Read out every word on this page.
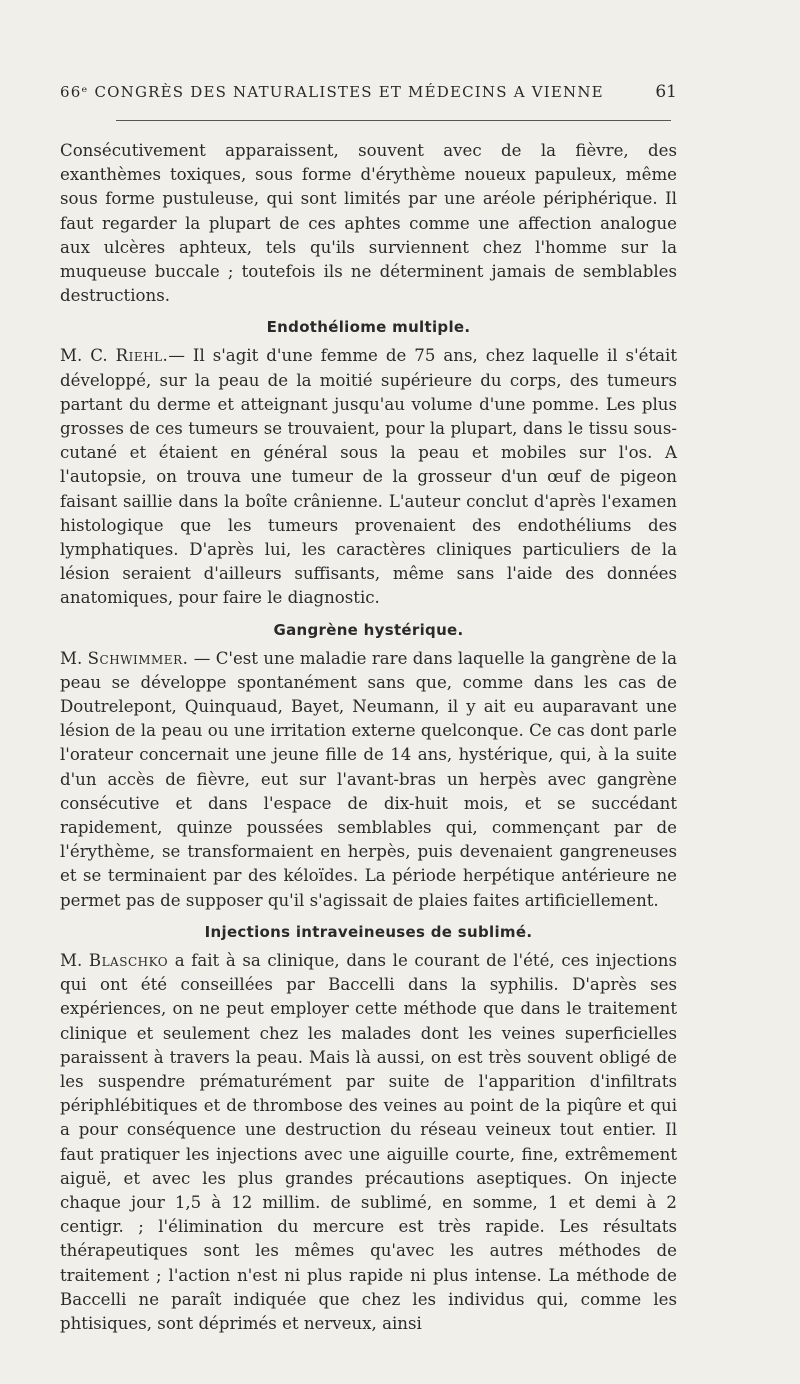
66ᵉ CONGRÈS DES NATURALISTES ET MÉDECINS A VIENNE	61

Consécutivement apparaissent, souvent avec de la fièvre, des exanthèmes toxiques, sous forme d'érythème noueux papuleux, même sous forme pustuleuse, qui sont limités par une aréole périphérique. Il faut regarder la plupart de ces aphtes comme une affection analogue aux ulcères aphteux, tels qu'ils surviennent chez l'homme sur la muqueuse buccale ; toutefois ils ne déterminent jamais de semblables destructions.

Endothéliome multiple.

M. C. Riehl.— Il s'agit d'une femme de 75 ans, chez laquelle il s'était développé, sur la peau de la moitié supérieure du corps, des tumeurs partant du derme et atteignant jusqu'au volume d'une pomme. Les plus grosses de ces tumeurs se trouvaient, pour la plupart, dans le tissu sous-cutané et étaient en général sous la peau et mobiles sur l'os. A l'autopsie, on trouva une tumeur de la grosseur d'un œuf de pigeon faisant saillie dans la boîte crânienne. L'auteur conclut d'après l'examen histologique que les tumeurs provenaient des endothéliums des lymphatiques. D'après lui, les caractères cliniques particuliers de la lésion seraient d'ailleurs suffisants, même sans l'aide des données anatomiques, pour faire le diagnostic.

Gangrène hystérique.

M. Schwimmer. — C'est une maladie rare dans laquelle la gangrène de la peau se développe spontanément sans que, comme dans les cas de Doutrelepont, Quinquaud, Bayet, Neumann, il y ait eu auparavant une lésion de la peau ou une irritation externe quelconque. Ce cas dont parle l'orateur concernait une jeune fille de 14 ans, hystérique, qui, à la suite d'un accès de fièvre, eut sur l'avant-bras un herpès avec gangrène consécutive et dans l'espace de dix-huit mois, et se succédant rapidement, quinze poussées semblables qui, commençant par de l'érythème, se transformaient en herpès, puis devenaient gangreneuses et se terminaient par des kéloïdes. La période herpétique antérieure ne permet pas de supposer qu'il s'agissait de plaies faites artificiellement.

Injections intraveineuses de sublimé.

M. Blaschko a fait à sa clinique, dans le courant de l'été, ces injections qui ont été conseillées par Baccelli dans la syphilis. D'après ses expériences, on ne peut employer cette méthode que dans le traitement clinique et seulement chez les malades dont les veines superficielles paraissent à travers la peau. Mais là aussi, on est très souvent obligé de les suspendre prématurément par suite de l'apparition d'infiltrats périphlébitiques et de thrombose des veines au point de la piqûre et qui a pour conséquence une destruction du réseau veineux tout entier. Il faut pratiquer les injections avec une aiguille courte, fine, extrêmement aiguë, et avec les plus grandes précautions aseptiques. On injecte chaque jour 1,5 à 12 millim. de sublimé, en somme, 1 et demi à 2 centigr. ; l'élimination du mercure est très rapide. Les résultats thérapeutiques sont les mêmes qu'avec les autres méthodes de traitement ; l'action n'est ni plus rapide ni plus intense. La méthode de Baccelli ne paraît indiquée que chez les individus qui, comme les phtisiques, sont déprimés et nerveux, ainsi
